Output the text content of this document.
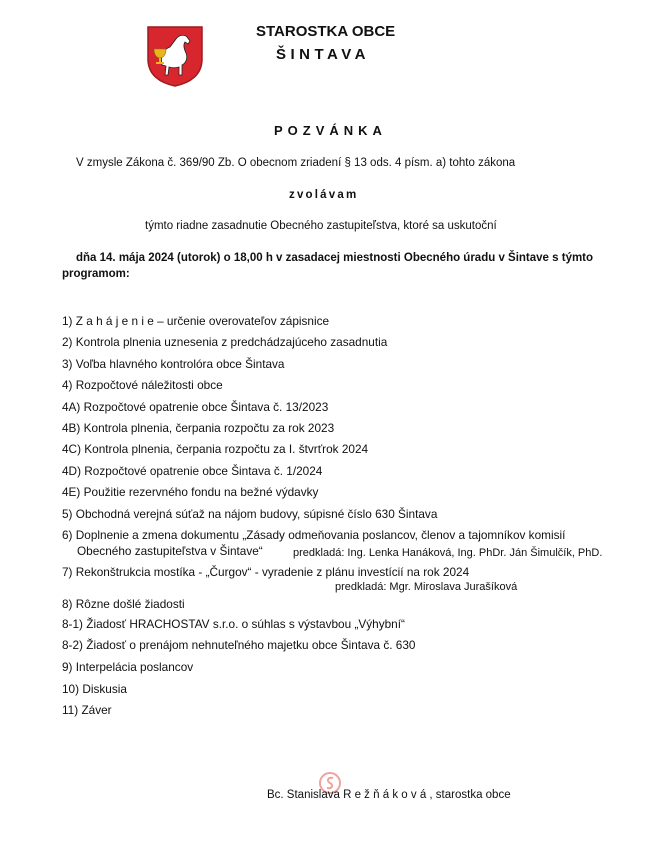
STAROSTKA OBCE
ŠINTAVA
POZVÁNKA
V zmysle Zákona č. 369/90 Zb. O obecnom zriadení § 13 ods. 4 písm. a) tohto zákona
zvolávam
týmto riadne zasadnutie Obecného zastupiteľstva, ktoré sa uskutoční
dňa 14. mája 2024 (utorok) o 18,00 h v zasadacej miestnosti Obecného úradu v Šintave s týmto
programom:
1) Z a h á j e n i e – určenie overovateľov zápisnice
2) Kontrola plnenia uznesenia z predchádzajúceho zasadnutia
3) Voľba hlavného kontrolóra obce Šintava
4) Rozpočtové náležitosti obce
4A) Rozpočtové opatrenie obce Šintava č. 13/2023
4B) Kontrola plnenia, čerpania rozpočtu za rok 2023
4C) Kontrola plnenia, čerpania rozpočtu za I. štvrťrok 2024
4D) Rozpočtové opatrenie obce Šintava č. 1/2024
4E) Použitie rezervného fondu na bežné výdavky
5) Obchodná verejná súťaž na nájom budovy, súpisné číslo 630 Šintava
6) Doplnenie a zmena dokumentu „Zásady odmeňovania poslancov, členov a tajomníkov komisií
Obecného zastupiteľstva v Šintave“	predkladá: Ing. Lenka Hanáková, Ing. PhDr. Ján Šimulčík, PhD.
7) Rekonštrukcia mostíka - „Čurgov“ - vyradenie z plánu investícií na rok 2024
predkladá: Mgr. Miroslava Jurašíková
8) Rôzne došlé žiadosti
8-1) Žiadosť HRACHOSTAV s.r.o. o súhlas s výstavbou „Výhybní“
8-2) Žiadosť o prenájom nehnuteľného majetku obce Šintava č. 630
9) Interpelácia poslancov
10) Diskusia
11) Záver
Bc. Stanislava Režňáková, starostka obce
